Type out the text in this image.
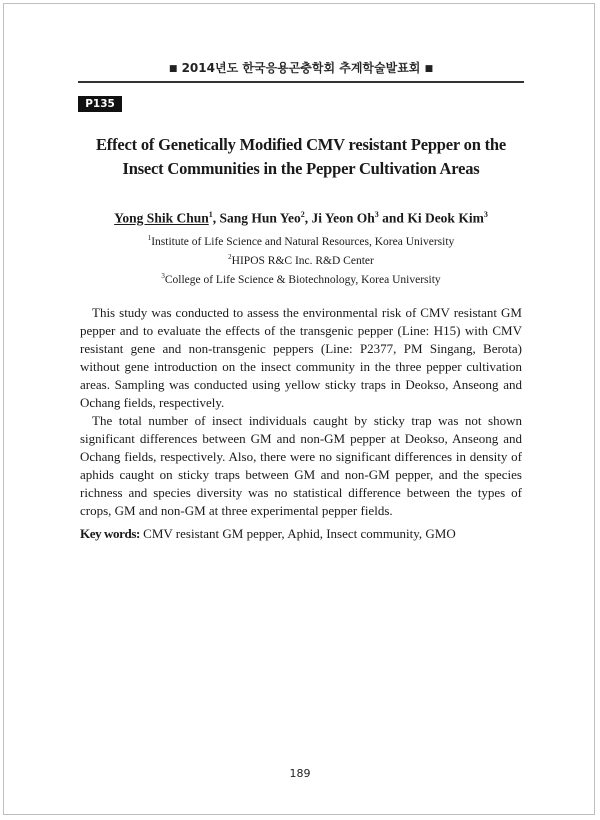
■ 2014년도 한국응용곤충학회 추계학술발표회 ■
P135
Effect of Genetically Modified CMV resistant Pepper on the
Insect Communities in the Pepper Cultivation Areas
Yong Shik Chun$^1$, Sang Hun Yeo$^2$, Ji Yeon Oh$^3$ and Ki Deok Kim$^3$
$^1$Institute of Life Science and Natural Resources, Korea University
$^2$HIPOS R&C Inc. R&D Center
$^3$College of Life Science & Biotechnology, Korea University

This study was conducted to assess the environmental risk of CMV resistant GM pepper and to evaluate the effects of the transgenic pepper (Line: H15) with CMV resistant gene and non-transgenic peppers (Line: P2377, PM Singang, Berota) without gene introduction on the insect community in the three pepper cultivation areas. Sampling was conducted using yellow sticky traps in Deokso, Anseong and Ochang fields, respectively.

The total number of insect individuals caught by sticky trap was not shown significant differences between GM and non-GM pepper at Deokso, Anseong and Ochang fields, respectively. Also, there were no significant differences in density of aphids caught on sticky traps between GM and non-GM pepper, and the species richness and species diversity was no statistical difference between the types of crops, GM and non-GM at three experimental pepper fields.

Key words: CMV resistant GM pepper, Aphid, Insect community, GMO
189
